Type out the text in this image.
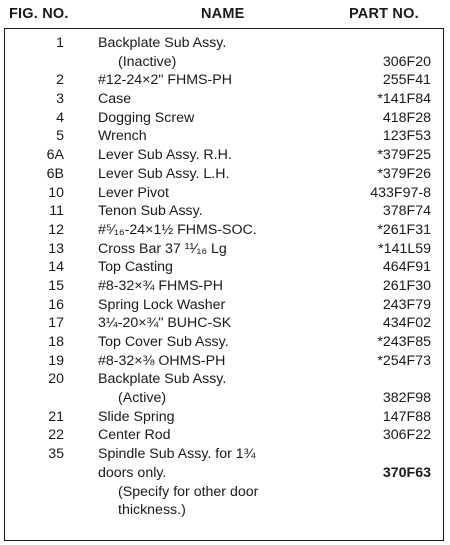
FIG. NO.	NAME	PART NO.
1 Backplate Sub Assy.
(Inactive)	306F20
2 #12-24×2" FHMS-PH	255F41
3 Case	*141F84
4 Dogging Screw	418F28
5 Wrench	123F53
6A Lever Sub Assy. R.H.	*379F25
6B Lever Sub Assy. L.H.	*379F26
10 Lever Pivot	433F97-8
11 Tenon Sub Assy.	378F74
12 #⁵⁄₁₆-24×1½ FHMS-SOC.	*261F31
13 Cross Bar 37 ¹¹⁄₁₆ Lg	*141L59
14 Top Casting	464F91
15 #8-32×¾ FHMS-PH	261F30
16 Spring Lock Washer	243F79
17 3¼-20×¾" BUHC-SK	434F02
18 Top Cover Sub Assy.	*243F85
19 #8-32×⅜ OHMS-PH	*254F73
20 Backplate Sub Assy.
(Active)	382F98
21 Slide Spring	147F88
22 Center Rod	306F22
35 Spindle Sub Assy. for 1¾
doors only.	370F63
(Specify for other door
thickness.)
